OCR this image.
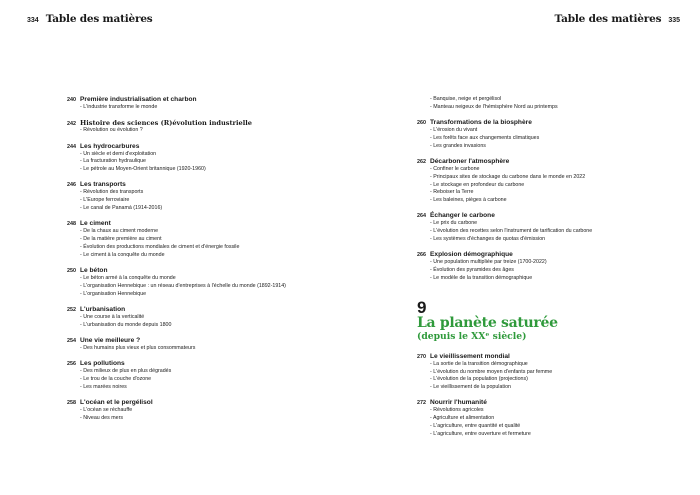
334 Table des matières	Table des matières 335
240 Première industrialisation et charbon
- L'industrie transforme le monde
242 Histoire des sciences (R)évolution industrielle
- Révolution ou évolution ?
244 Les hydrocarbures
- Un siècle et demi d'exploitation
- La fracturation hydraulique
- Le pétrole au Moyen-Orient britannique (1920-1960)
246 Les transports
- Révolution des transports
- L'Europe ferroviaire
- Le canal de Panamá (1914-2016)
248 Le ciment
- De la chaux au ciment moderne
- De la matière première au ciment
- Évolution des productions mondiales de ciment et d'énergie fossile
- Le ciment à la conquête du monde
250 Le béton
- Le béton armé à la conquête du monde
- L'organisation Hennebique : un réseau d'entreprises à l'échelle du monde (1892-1914)
- L'organisation Hennebique
252 L'urbanisation
- Une course à la verticalité
- L'urbanisation du monde depuis 1800
254 Une vie meilleure ?
- Des humains plus vieux et plus consommateurs
256 Les pollutions
- Des milieux de plus en plus dégradés
- Le trou de la couche d'ozone
- Les marées noires
258 L'océan et le pergélisol
- L'océan se réchauffe
- Niveau des mers
- Banquise, neige et pergélisol
- Manteau neigeux de l'hémisphère Nord au printemps
260 Transformations de la biosphère
- L'érosion du vivant
- Les forêts face aux changements climatiques
- Les grandes invasions
262 Décarboner l'atmosphère
- Confiner le carbone
- Principaux sites de stockage du carbone dans le monde en 2022
- Le stockage en profondeur du carbone
- Reboiser la Terre
- Les baleines, pièges à carbone
264 Échanger le carbone
- Le prix du carbone
- L'évolution des recettes selon l'instrument de tarification du carbone
- Les systèmes d'échanges de quotas d'émission
266 Explosion démographique
- Une population multipliée par treize (1700-2022)
- Évolution des pyramides des âges
- Le modèle de la transition démographique
9
La planète saturée
(depuis le XXᵉ siècle)
270 Le vieillissement mondial
- La sortie de la transition démographique
- L'évolution du nombre moyen d'enfants par femme
- L'évolution de la population (projections)
- Le vieillissement de la population
272 Nourrir l'humanité
- Révolutions agricoles
- Agriculture et alimentation
- L'agriculture, entre quantité et qualité
- L'agriculture, entre ouverture et fermeture
